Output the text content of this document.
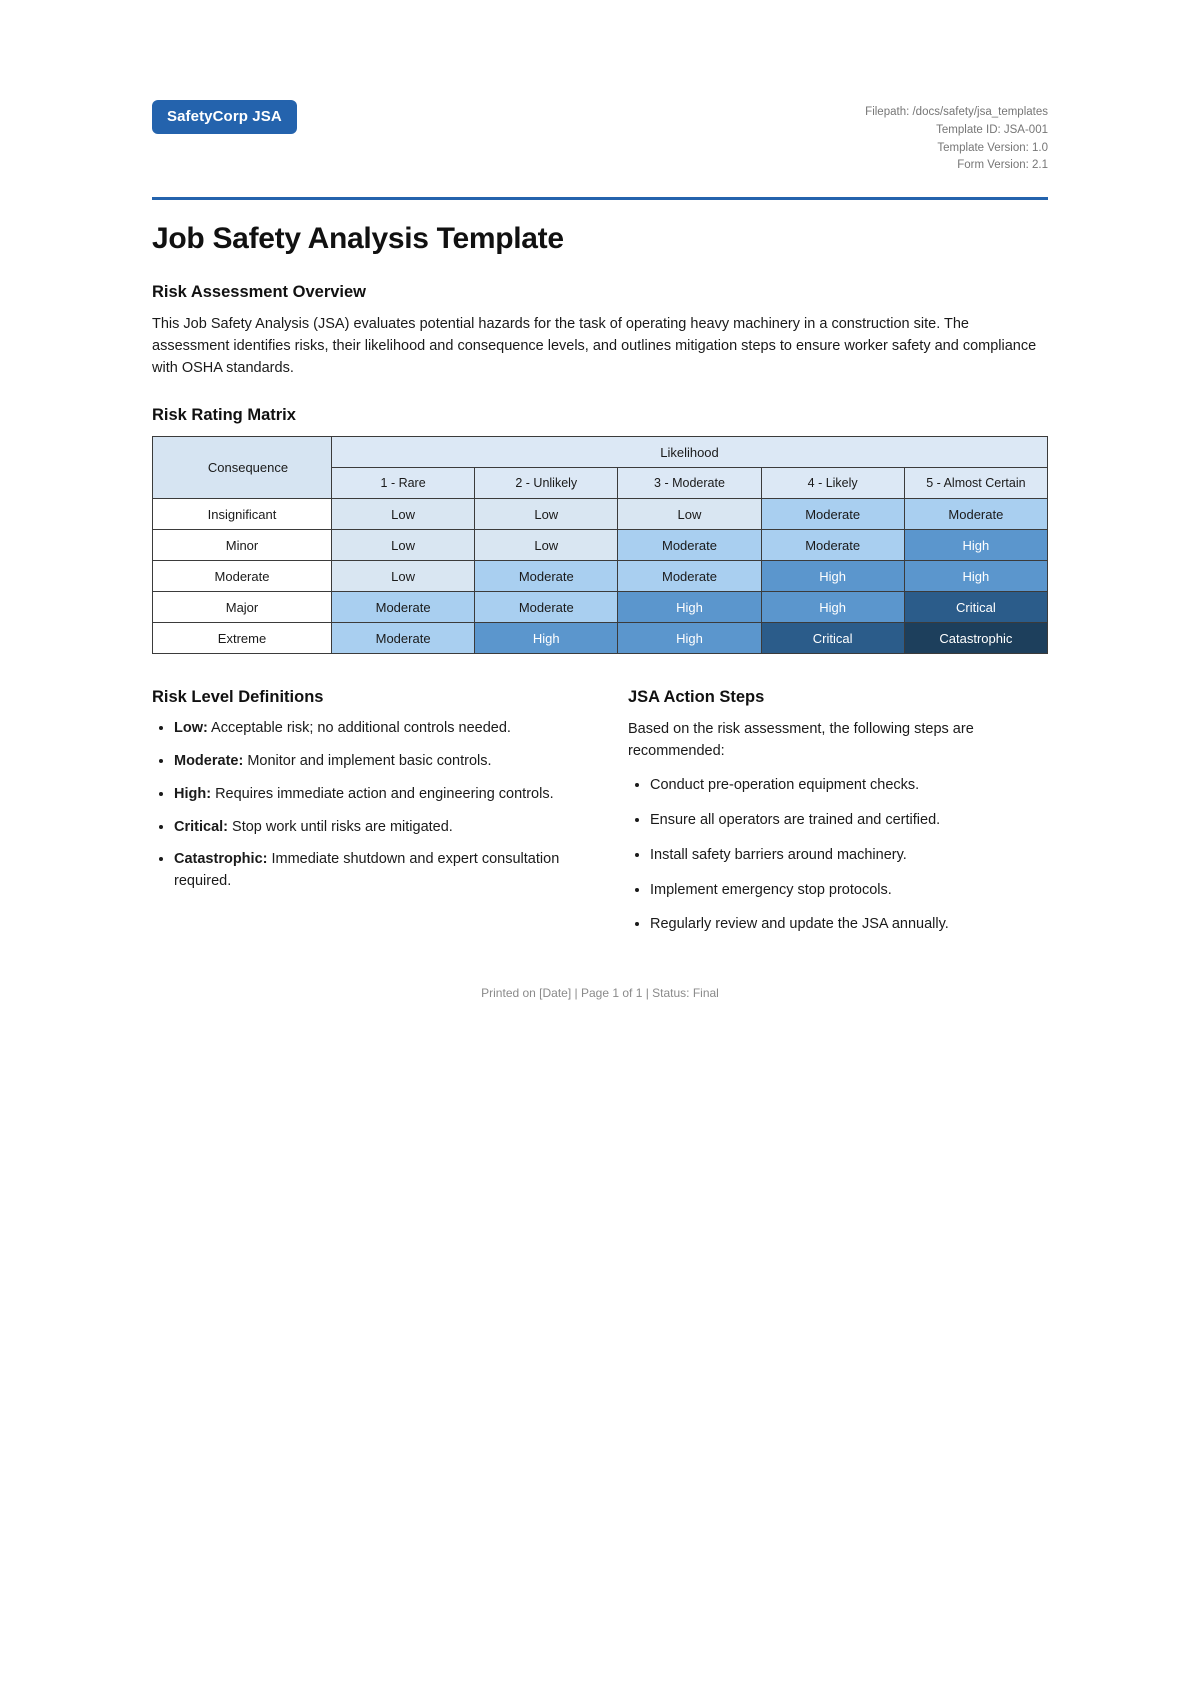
SafetyCorp JSA	Filepath: /docs/safety/jsa_templates
Template ID: JSA-001
Template Version: 1.0
Form Version: 2.1
Job Safety Analysis Template
Risk Assessment Overview

This Job Safety Analysis (JSA) evaluates potential hazards for the task of operating heavy machinery in a construction site. The assessment identifies risks, their likelihood and consequence levels, and outlines mitigation steps to ensure worker safety and compliance with OSHA standards.

Risk Rating Matrix
Consequence	Likelihood				
	1 - Rare	2 - Unlikely	3 - Moderate	4 - Likely	5 - Almost Certain
Insignificant	Low	Low	Low	Moderate	Moderate
Minor	Low	Low	Moderate	Moderate	High
Moderate	Low	Moderate	Moderate	High	High
Major	Moderate	Moderate	High	High	Critical
Extreme	Moderate	High	High	Critical	Catastrophic
Risk Level Definitions
• Low: Acceptable risk; no additional controls needed.
• Moderate: Monitor and implement basic controls.
• High: Requires immediate action and engineering controls.
• Critical: Stop work until risks are mitigated.
• Catastrophic: Immediate shutdown and expert consultation required.
JSA Action Steps

Based on the risk assessment, the following steps are recommended:

• Conduct pre-operation equipment checks.
• Ensure all operators are trained and certified.
• Install safety barriers around machinery.
• Implement emergency stop protocols.
• Regularly review and update the JSA annually.
Printed on [Date] | Page 1 of 1 | Status: Final
